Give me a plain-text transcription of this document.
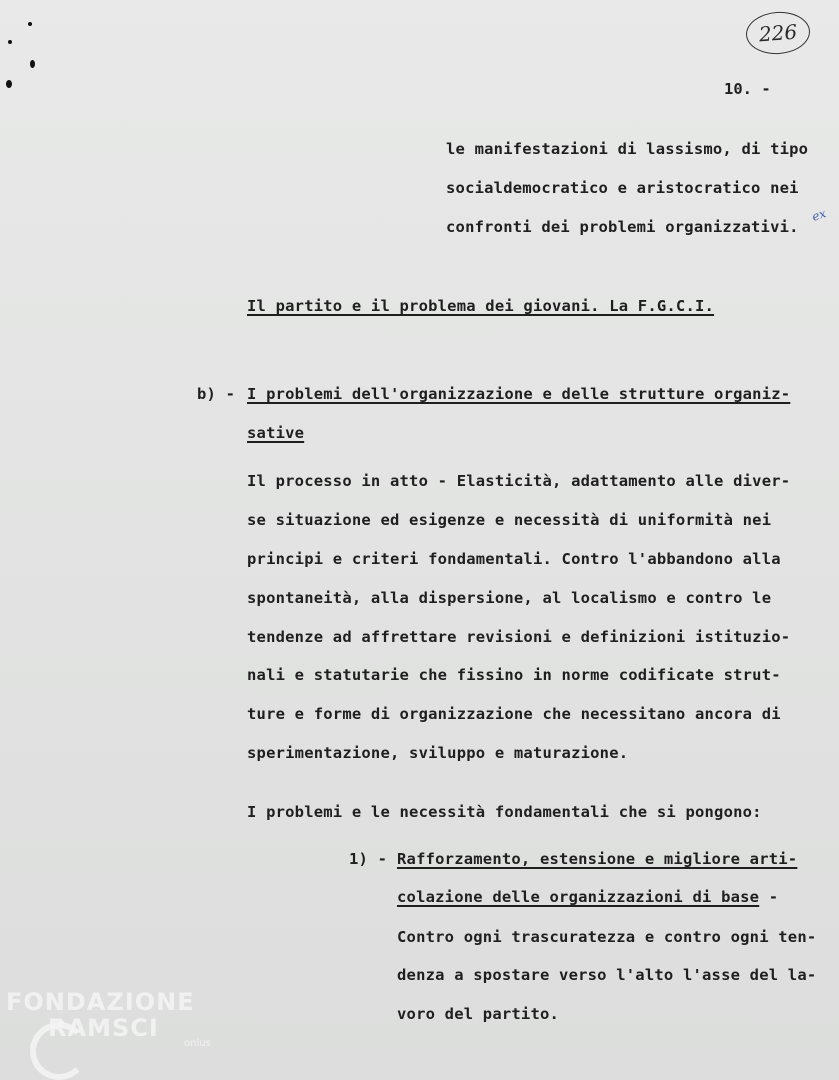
226
10. -
le manifestazioni di lassismo, di tipo
socialdemocratico e aristocratico nei
confronti dei problemi organizzativi.
ex
Il partito e il problema dei giovani. La F.G.C.I.
b) - I problemi dell'organizzazione e delle strutture organiz-
sative
Il processo in atto - Elasticità, adattamento alle diver-
se situazione ed esigenze e necessità di uniformità nei
principi e criteri fondamentali. Contro l'abbandono alla
spontaneità, alla dispersione, al localismo e contro le
tendenze ad affrettare revisioni e definizioni istituzio-
nali e statutarie che fissino in norme codificate strut-
ture e forme di organizzazione che necessitano ancora di
sperimentazione, sviluppo e maturazione.
I problemi e le necessità fondamentali che si pongono:
1) - Rafforzamento, estensione e migliore arti-
colazione delle organizzazioni di base -
Contro ogni trascuratezza e contro ogni ten-
denza a spostare verso l'alto l'asse del la-
voro del partito.
FONDAZIONE
RAMSCI
onlus
